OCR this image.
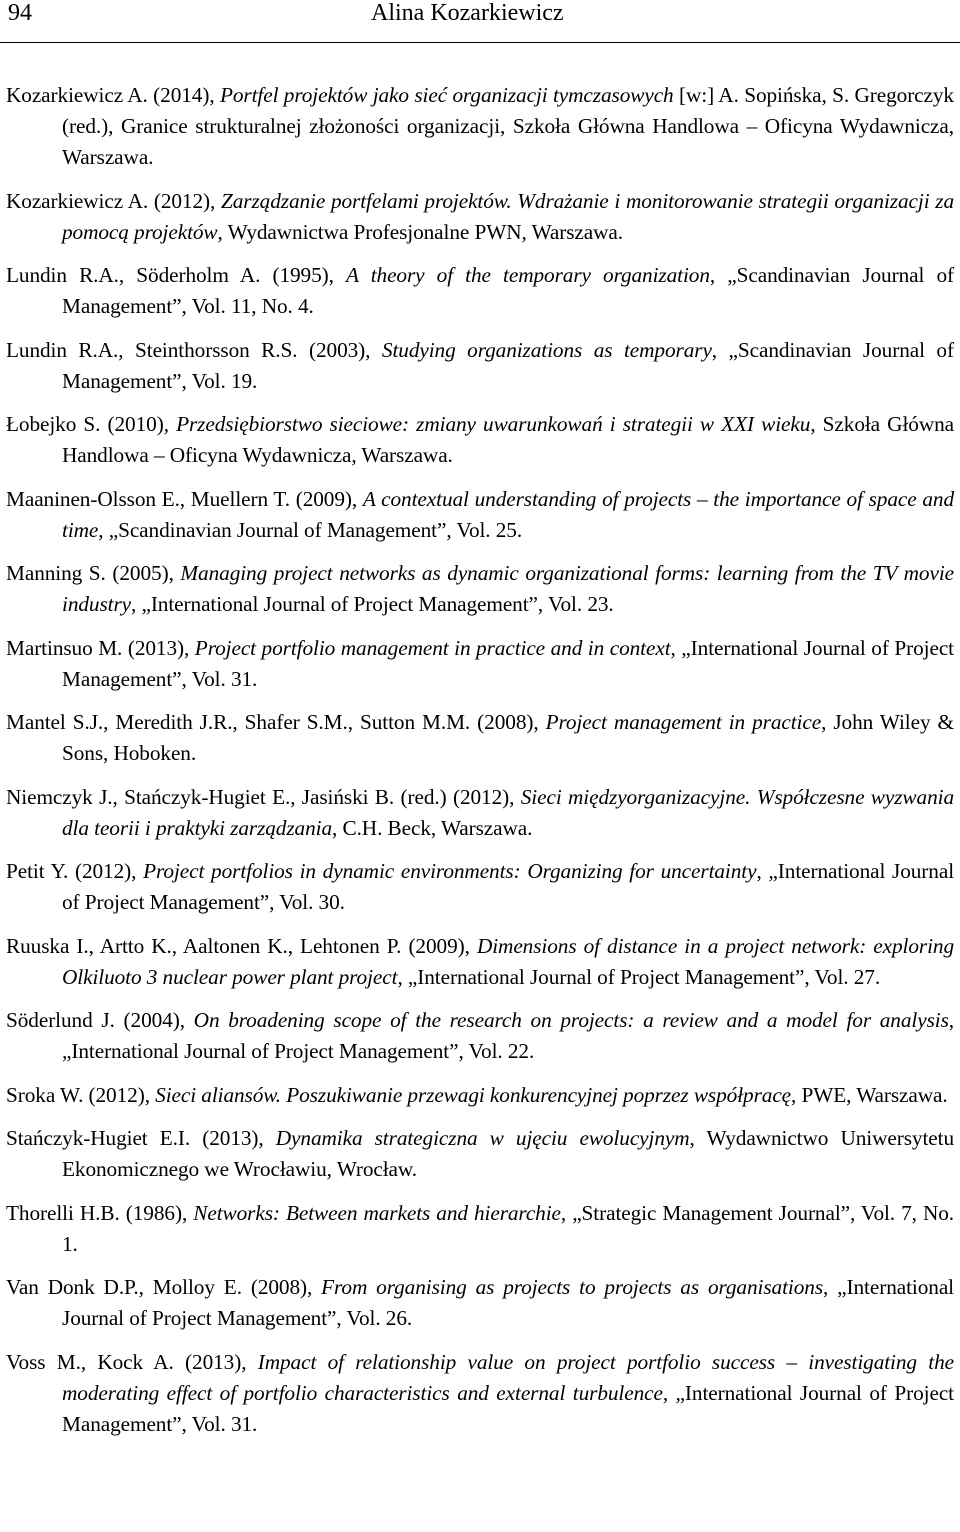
94	Alina Kozarkiewicz

Kozarkiewicz A. (2014), Portfel projektów jako sieć organizacji tymczasowych [w:] A. Sopińska, S. Gregorczyk (red.), Granice strukturalnej złożoności organizacji, Szkoła Główna Handlowa – Oficyna Wydawnicza, Warszawa.

Kozarkiewicz A. (2012), Zarządzanie portfelami projektów. Wdrażanie i monitorowanie strategii organizacji za pomocą projektów, Wydawnictwa Profesjonalne PWN, Warszawa.

Lundin R.A., Söderholm A. (1995), A theory of the temporary organization, „Scandinavian Journal of Management”, Vol. 11, No. 4.

Lundin R.A., Steinthorsson R.S. (2003), Studying organizations as temporary, „Scandinavian Journal of Management”, Vol. 19.

Łobejko S. (2010), Przedsiębiorstwo sieciowe: zmiany uwarunkowań i strategii w XXI wieku, Szkoła Główna Handlowa – Oficyna Wydawnicza, Warszawa.

Maaninen-Olsson E., Muellern T. (2009), A contextual understanding of projects – the importance of space and time, „Scandinavian Journal of Management”, Vol. 25.

Manning S. (2005), Managing project networks as dynamic organizational forms: learning from the TV movie industry, „International Journal of Project Management”, Vol. 23.

Martinsuo M. (2013), Project portfolio management in practice and in context, „International Journal of Project Management”, Vol. 31.

Mantel S.J., Meredith J.R., Shafer S.M., Sutton M.M. (2008), Project management in practice, John Wiley & Sons, Hoboken.

Niemczyk J., Stańczyk-Hugiet E., Jasiński B. (red.) (2012), Sieci międzyorganizacyjne. Współczesne wyzwania dla teorii i praktyki zarządzania, C.H. Beck, Warszawa.

Petit Y. (2012), Project portfolios in dynamic environments: Organizing for uncertainty, „International Journal of Project Management”, Vol. 30.

Ruuska I., Artto K., Aaltonen K., Lehtonen P. (2009), Dimensions of distance in a project network: exploring Olkiluoto 3 nuclear power plant project, „International Journal of Project Management”, Vol. 27.

Söderlund J. (2004), On broadening scope of the research on projects: a review and a model for analysis, „International Journal of Project Management”, Vol. 22.

Sroka W. (2012), Sieci aliansów. Poszukiwanie przewagi konkurencyjnej poprzez współpracę, PWE, Warszawa.

Stańczyk-Hugiet E.I. (2013), Dynamika strategiczna w ujęciu ewolucyjnym, Wydawnictwo Uniwersytetu Ekonomicznego we Wrocławiu, Wrocław.

Thorelli H.B. (1986), Networks: Between markets and hierarchie, „Strategic Management Journal”, Vol. 7, No. 1.

Van Donk D.P., Molloy E. (2008), From organising as projects to projects as organisations, „International Journal of Project Management”, Vol. 26.

Voss M., Kock A. (2013), Impact of relationship value on project portfolio success – investigating the moderating effect of portfolio characteristics and external turbulence, „International Journal of Project Management”, Vol. 31.
